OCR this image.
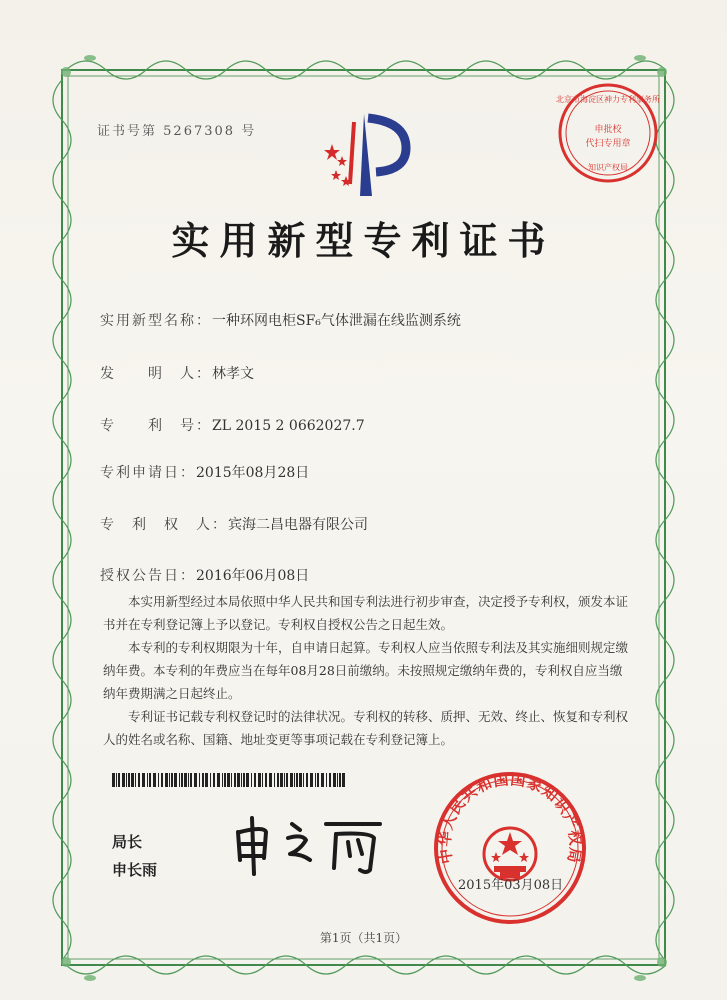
证书号第 5267308 号
北京市海淀区神力专利事务所
申批校
代扫专用章
知识产权局
实用新型专利证书
实用新型名称：一种环网电柜SF₆气体泄漏在线监测系统
发　　明　人：林孝文
专　　利　号：ZL 2015 2 0662027.7
专利申请日：2015年08月28日
专　利　权　人：宾海二昌电器有限公司
授权公告日：2016年06月08日

本实用新型经过本局依照中华人民共和国专利法进行初步审查，决定授予专利权，颁发本证书并在专利登记簿上予以登记。专利权自授权公告之日起生效。

本专利的专利权期限为十年，自申请日起算。专利权人应当依照专利法及其实施细则规定缴纳年费。本专利的年费应当在每年08月28日前缴纳。未按照规定缴纳年费的，专利权自应当缴纳年费期满之日起终止。

专利证书记载专利权登记时的法律状况。专利权的转移、质押、无效、终止、恢复和专利权人的姓名或名称、国籍、地址变更等事项记载在专利登记簿上。

局长
申长雨
中华人民共和国国家知识产权局
2015年03月08日
第1页（共1页）
